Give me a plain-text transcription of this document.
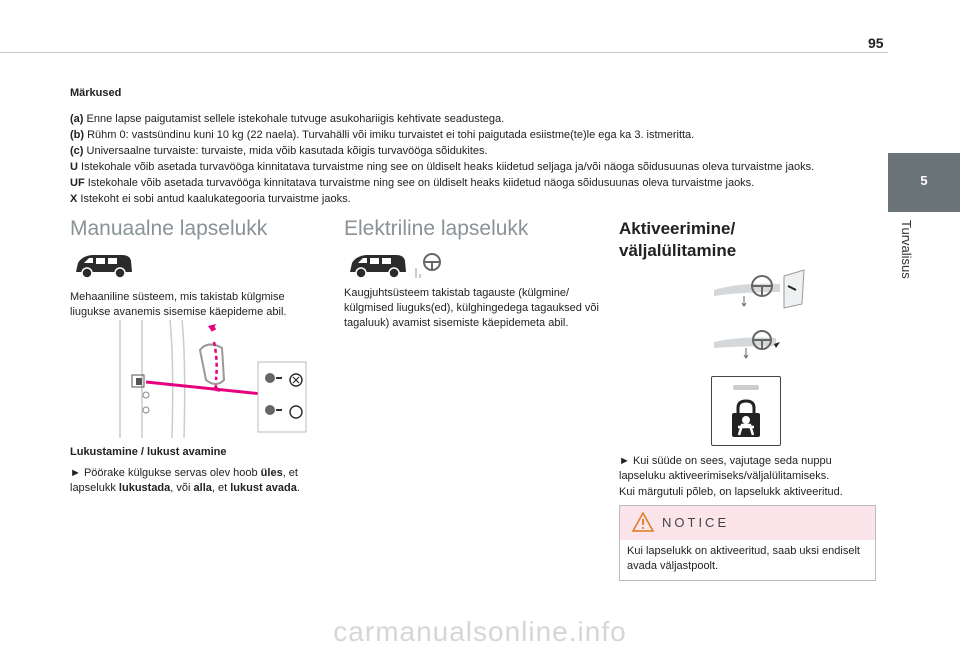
95
5
Turvalisus
Märkused
(a) Enne lapse paigutamist sellele istekohale tutvuge asukohariigis kehtivate seadustega.
(b) Rühm 0: vastsündinu kuni 10 kg (22 naela). Turvahälli või imiku turvaistet ei tohi paigutada esiistme(te)le ega ka 3. istmeritta.
(c) Universaalne turvaiste: turvaiste, mida võib kasutada kõigis turvavööga sõidukites.
U Istekohale võib asetada turvavööga kinnitatava turvaistme ning see on üldiselt heaks kiidetud seljaga ja/või näoga sõidusuunas oleva turvaistme jaoks.
UF Istekohale võib asetada turvavööga kinnitatava turvaistme ning see on üldiselt heaks kiidetud näoga sõidusuunas oleva turvaistme jaoks.
X Istekoht ei sobi antud kaalukategooria turvaistme jaoks.
Manuaalne lapselukk
Mehaaniline süsteem, mis takistab külgmise liugukse avanemis sisemise käepideme abil.
Lukustamine / lukust avamine
► Pöörake külgukse servas olev hoob üles, et lapselukk lukustada, või alla, et lukust avada.
Elektriline lapselukk
Kaugjuhtsüsteem takistab tagauste (külgmine/ külgmised liuguks(ed), külghingedega tagauksed või tagaluuk) avamist sisemiste käepidemeta abil.
Aktiveerimine/
väljalülitamine
► Kui süüde on sees, vajutage seda nuppu lapseluku aktiveerimiseks/väljalülitamiseks.
Kui märgutuli põleb, on lapselukk aktiveeritud.
NOTICE
Kui lapselukk on aktiveeritud, saab uksi endiselt avada väljastpoolt.
carmanualsonline.info
